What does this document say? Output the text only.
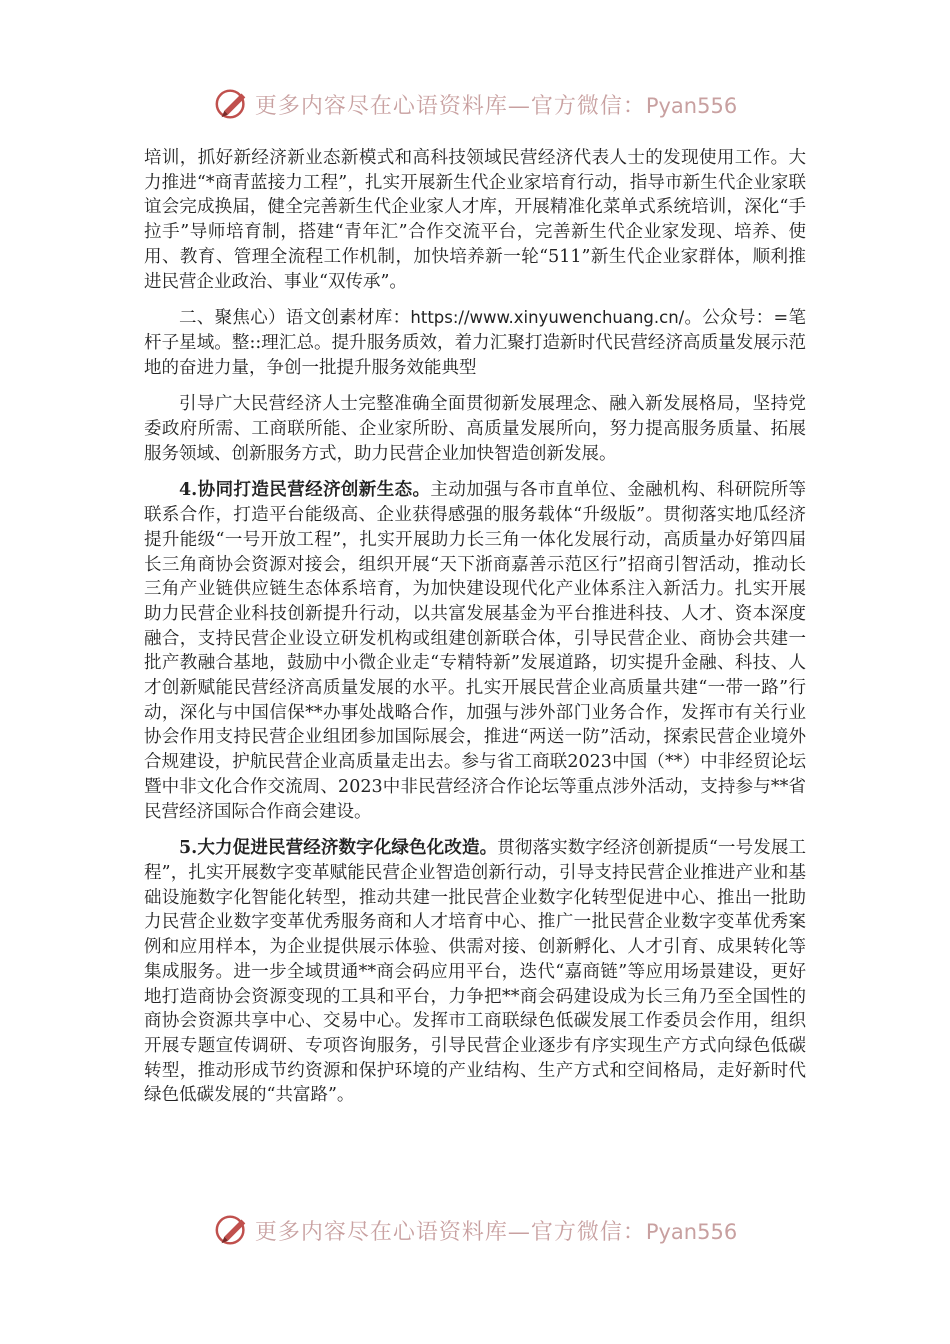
更多内容尽在心语资料库—官方微信：Pyan556

培训，抓好新经济新业态新模式和高科技领域民营经济代表人士的发现使用工作。大力推进“*商青蓝接力工程”，扎实开展新生代企业家培育行动，指导市新生代企业家联谊会完成换届，健全完善新生代企业家人才库，开展精准化菜单式系统培训，深化“手拉手”导师培育制，搭建“青年汇”合作交流平台，完善新生代企业家发现、培养、使用、教育、管理全流程工作机制，加快培养新一轮“511”新生代企业家群体，顺利推进民营企业政治、事业“双传承”。

二、聚焦心）语文创素材库：https://www.xinyuwenchuang.cn/。公众号：=笔杆子星域。整::理汇总。提升服务质效，着力汇聚打造新时代民营经济高质量发展示范地的奋进力量，争创一批提升服务效能典型

引导广大民营经济人士完整准确全面贯彻新发展理念、融入新发展格局，坚持党委政府所需、工商联所能、企业家所盼、高质量发展所向，努力提高服务质量、拓展服务领域、创新服务方式，助力民营企业加快智造创新发展。

4.协同打造民营经济创新生态。主动加强与各市直单位、金融机构、科研院所等联系合作，打造平台能级高、企业获得感强的服务载体“升级版”。贯彻落实地瓜经济提升能级“一号开放工程”，扎实开展助力长三角一体化发展行动，高质量办好第四届长三角商协会资源对接会，组织开展“天下浙商嘉善示范区行”招商引智活动，推动长三角产业链供应链生态体系培育，为加快建设现代化产业体系注入新活力。扎实开展助力民营企业科技创新提升行动，以共富发展基金为平台推进科技、人才、资本深度融合，支持民营企业设立研发机构或组建创新联合体，引导民营企业、商协会共建一批产教融合基地，鼓励中小微企业走“专精特新”发展道路，切实提升金融、科技、人才创新赋能民营经济高质量发展的水平。扎实开展民营企业高质量共建“一带一路”行动，深化与中国信保**办事处战略合作，加强与涉外部门业务合作，发挥市有关行业协会作用支持民营企业组团参加国际展会，推进“两送一防”活动，探索民营企业境外合规建设，护航民营企业高质量走出去。参与省工商联2023中国（**）中非经贸论坛暨中非文化合作交流周、2023中非民营经济合作论坛等重点涉外活动，支持参与**省民营经济国际合作商会建设。

5.大力促进民营经济数字化绿色化改造。贯彻落实数字经济创新提质“一号发展工程”，扎实开展数字变革赋能民营企业智造创新行动，引导支持民营企业推进产业和基础设施数字化智能化转型，推动共建一批民营企业数字化转型促进中心、推出一批助力民营企业数字变革优秀服务商和人才培育中心、推广一批民营企业数字变革优秀案例和应用样本，为企业提供展示体验、供需对接、创新孵化、人才引育、成果转化等集成服务。进一步全域贯通**商会码应用平台，迭代“嘉商链”等应用场景建设，更好地打造商协会资源变现的工具和平台，力争把**商会码建设成为长三角乃至全国性的商协会资源共享中心、交易中心。发挥市工商联绿色低碳发展工作委员会作用，组织开展专题宣传调研、专项咨询服务，引导民营企业逐步有序实现生产方式向绿色低碳转型，推动形成节约资源和保护环境的产业结构、生产方式和空间格局，走好新时代绿色低碳发展的“共富路”。

更多内容尽在心语资料库—官方微信：Pyan556
